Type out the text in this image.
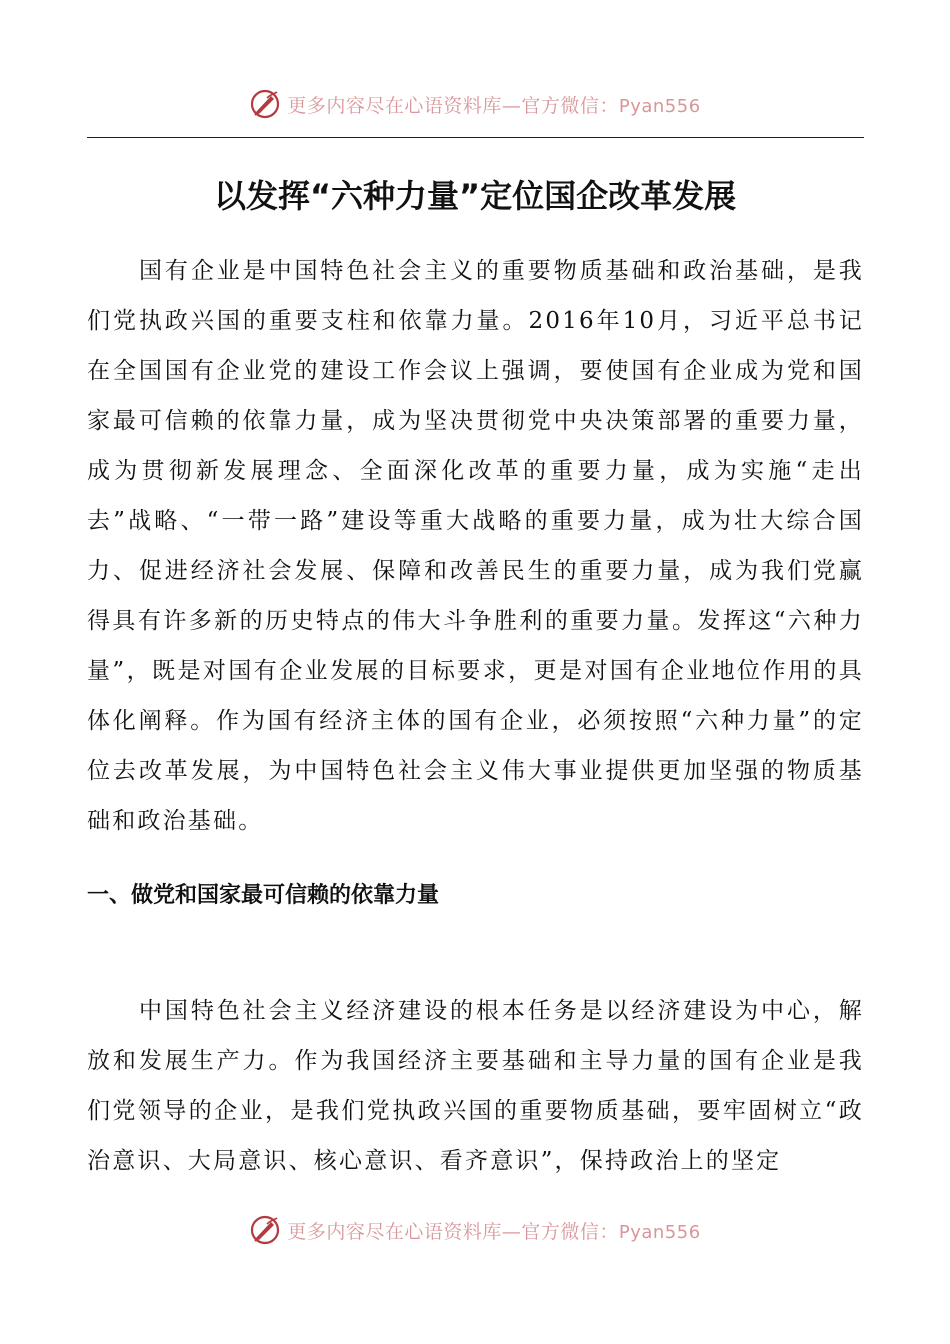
更多内容尽在心语资料库—官方微信：Pyan556
以发挥“六种力量”定位国企改革发展

国有企业是中国特色社会主义的重要物质基础和政治基础，是我们党执政兴国的重要支柱和依靠力量。2016年10月，习近平总书记在全国国有企业党的建设工作会议上强调，要使国有企业成为党和国家最可信赖的依靠力量，成为坚决贯彻党中央决策部署的重要力量，成为贯彻新发展理念、全面深化改革的重要力量，成为实施“走出去”战略、“一带一路”建设等重大战略的重要力量，成为壮大综合国力、促进经济社会发展、保障和改善民生的重要力量，成为我们党赢得具有许多新的历史特点的伟大斗争胜利的重要力量。发挥这“六种力量”，既是对国有企业发展的目标要求，更是对国有企业地位作用的具体化阐释。作为国有经济主体的国有企业，必须按照“六种力量”的定位去改革发展，为中国特色社会主义伟大事业提供更加坚强的物质基础和政治基础。

一、做党和国家最可信赖的依靠力量

中国特色社会主义经济建设的根本任务是以经济建设为中心，解放和发展生产力。作为我国经济主要基础和主导力量的国有企业是我们党领导的企业，是我们党执政兴国的重要物质基础，要牢固树立“政治意识、大局意识、核心意识、看齐意识”，保持政治上的坚定

更多内容尽在心语资料库—官方微信：Pyan556
